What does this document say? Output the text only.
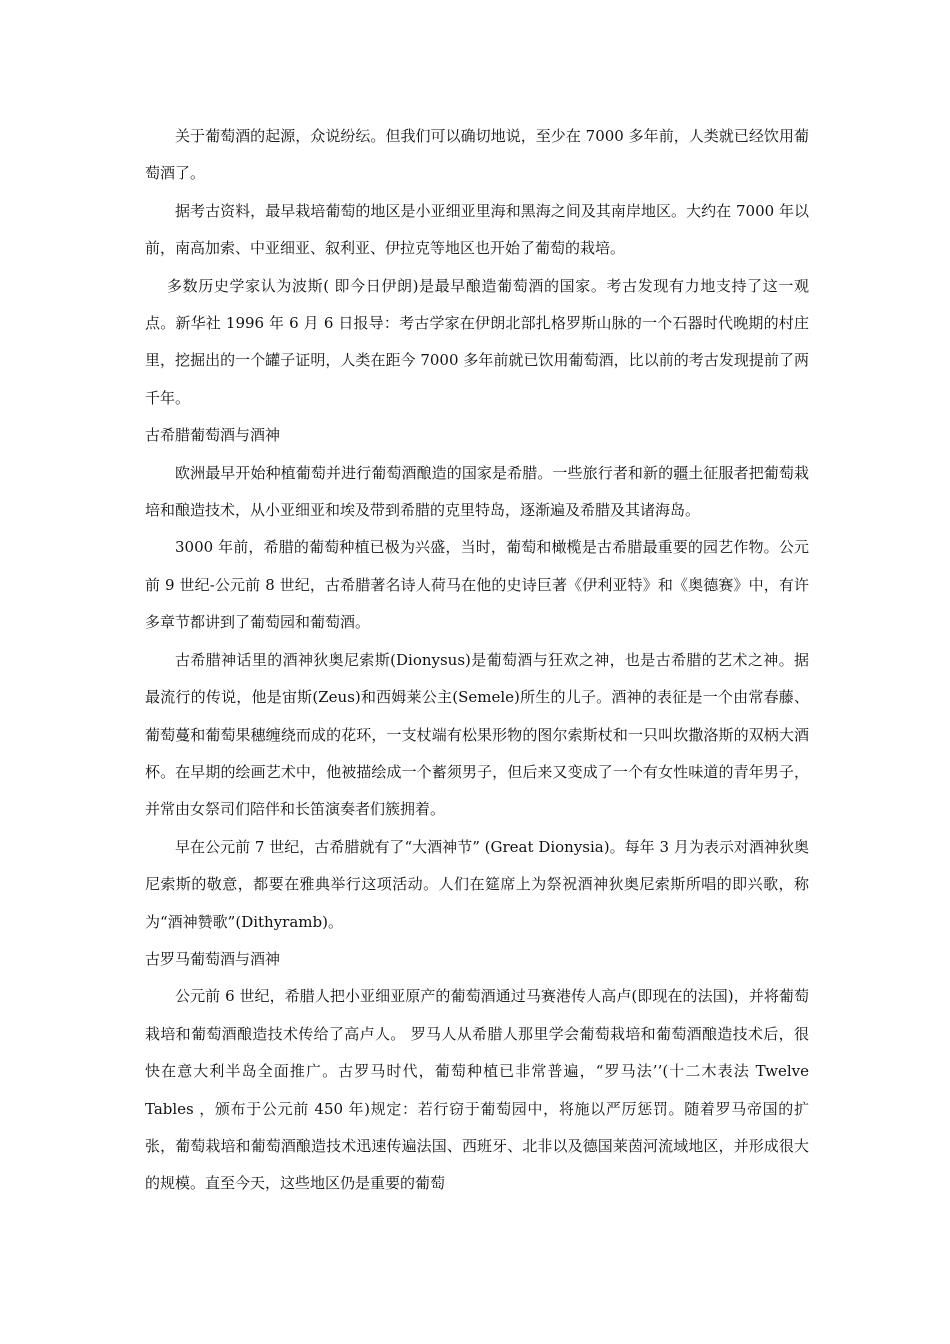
关于葡萄酒的起源，众说纷纭。但我们可以确切地说，至少在 7000 多年前，人类就已经饮用葡萄酒了。

据考古资料，最早栽培葡萄的地区是小亚细亚里海和黑海之间及其南岸地区。大约在 7000 年以前，南高加索、中亚细亚、叙利亚、伊拉克等地区也开始了葡萄的栽培。

多数历史学家认为波斯( 即今日伊朗)是最早酿造葡萄酒的国家。考古发现有力地支持了这一观点。新华社 1996 年 6 月 6 日报导：考古学家在伊朗北部扎格罗斯山脉的一个石器时代晚期的村庄里，挖掘出的一个罐子证明，人类在距今 7000 多年前就已饮用葡萄酒，比以前的考古发现提前了两千年。

古希腊葡萄酒与酒神

欧洲最早开始种植葡萄并进行葡萄酒酿造的国家是希腊。一些旅行者和新的疆土征服者把葡萄栽培和酿造技术，从小亚细亚和埃及带到希腊的克里特岛，逐渐遍及希腊及其诸海岛。

3000 年前，希腊的葡萄种植已极为兴盛，当时，葡萄和橄榄是古希腊最重要的园艺作物。公元前 9 世纪-公元前 8 世纪，古希腊著名诗人荷马在他的史诗巨著《伊利亚特》和《奥德赛》中，有许多章节都讲到了葡萄园和葡萄酒。

古希腊神话里的酒神狄奥尼索斯(Dionysus)是葡萄酒与狂欢之神，也是古希腊的艺术之神。据最流行的传说，他是宙斯(Zeus)和西姆莱公主(Semele)所生的儿子。酒神的表征是一个由常春藤、葡萄蔓和葡萄果穗缠绕而成的花环，一支杖端有松果形物的图尔索斯杖和一只叫坎撒洛斯的双柄大酒杯。在早期的绘画艺术中，他被描绘成一个蓄须男子，但后来又变成了一个有女性味道的青年男子，并常由女祭司们陪伴和长笛演奏者们簇拥着。

早在公元前 7 世纪，古希腊就有了“大酒神节” (Great Dionysia)。每年 3 月为表示对酒神狄奥尼索斯的敬意，都要在雅典举行这项活动。人们在筵席上为祭祝酒神狄奥尼索斯所唱的即兴歌，称为“酒神赞歌”(Dithyramb)。

古罗马葡萄酒与酒神

公元前 6 世纪，希腊人把小亚细亚原产的葡萄酒通过马赛港传人高卢(即现在的法国)，并将葡萄栽培和葡萄酒酿造技术传给了高卢人。 罗马人从希腊人那里学会葡萄栽培和葡萄酒酿造技术后，很快在意大利半岛全面推广。古罗马时代，葡萄种植已非常普遍，“罗马法’’(十二木表法 Twelve Tables ，颁布于公元前 450 年)规定：若行窃于葡萄园中，将施以严厉惩罚。随着罗马帝国的扩张，葡萄栽培和葡萄酒酿造技术迅速传遍法国、西班牙、北非以及德国莱茵河流域地区，并形成很大的规模。直至今天，这些地区仍是重要的葡萄
